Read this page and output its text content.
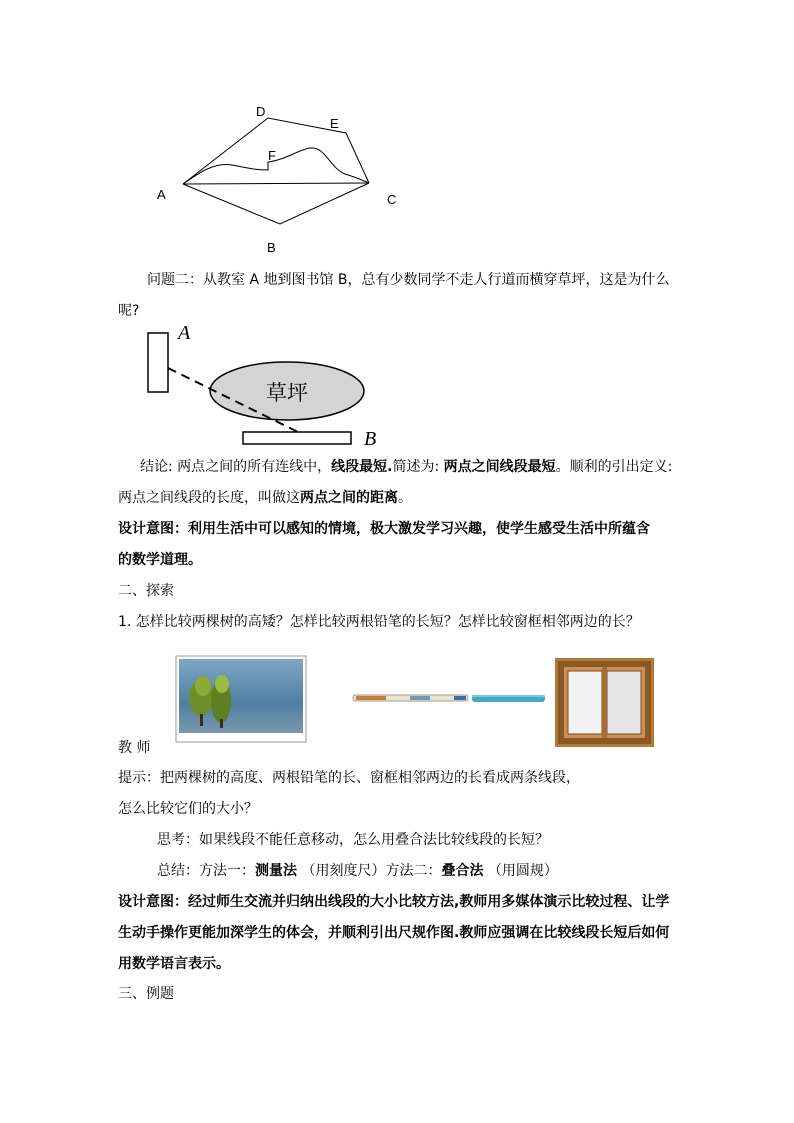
D
E
F
A	C
B
问题二：从教室 A 地到图书馆 B，总有少数同学不走人行道而横穿草坪，这是为什么
呢?
A
B
草坪
结论: 两点之间的所有连线中，线段最短.简述为: 两点之间线段最短。顺利的引出定义:
两点之间线段的长度，叫做这两点之间的距离。
设计意图：利用生活中可以感知的情境，极大激发学习兴趣，使学生感受生活中所蕴含
的数学道理。
二、探索
1. 怎样比较两棵树的高矮？怎样比较两根铅笔的长短？怎样比较窗框相邻两边的长？
教 师
提示：把两棵树的高度、两根铅笔的长、窗框相邻两边的长看成两条线段，
怎么比较它们的大小？
思考：如果线段不能任意移动，怎么用叠合法比较线段的长短？
总结：方法一：测量法 （用刻度尺）方法二：叠合法 （用圆规）
设计意图：经过师生交流并归纳出线段的大小比较方法,教师用多媒体演示比较过程、让学
生动手操作更能加深学生的体会，并顺利引出尺规作图.教师应强调在比较线段长短后如何
用数学语言表示。
三、例题
